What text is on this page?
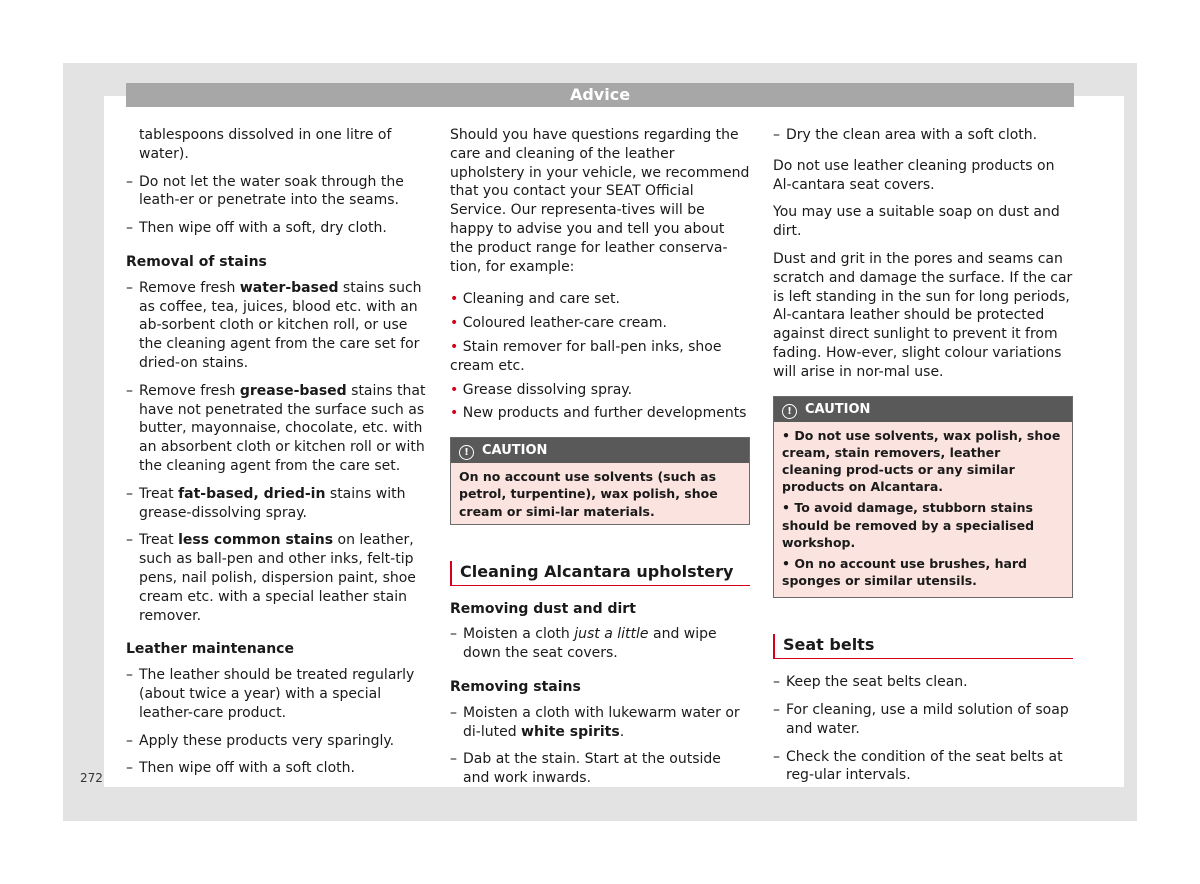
Advice
272

tablespoons dissolved in one litre of water).

– Do not let the water soak through the leath-er or penetrate into the seams.
– Then wipe off with a soft, dry cloth.
Removal of stains
– Remove fresh water-based stains such as coffee, tea, juices, blood etc. with an ab-sorbent cloth or kitchen roll, or use the cleaning agent from the care set for dried-on stains.
– Remove fresh grease-based stains that have not penetrated the surface such as butter, mayonnaise, chocolate, etc. with an absorbent cloth or kitchen roll or with the cleaning agent from the care set.
– Treat fat-based, dried-in stains with grease-dissolving spray.
– Treat less common stains on leather, such as ball-pen and other inks, felt-tip pens, nail polish, dispersion paint, shoe cream etc. with a special leather stain remover.
Leather maintenance
– The leather should be treated regularly (about twice a year) with a special leather-care product.
– Apply these products very sparingly.
– Then wipe off with a soft cloth.

Should you have questions regarding the care and cleaning of the leather upholstery in your vehicle, we recommend that you contact your SEAT Official Service. Our representa-tives will be happy to advise you and tell you about the product range for leather conserva-tion, for example:

• Cleaning and care set.
• Coloured leather-care cream.
• Stain remover for ball-pen inks, shoe cream etc.
• Grease dissolving spray.
• New products and further developments
! CAUTION
On no account use solvents (such as petrol, turpentine), wax polish, shoe cream or simi-lar materials.
Cleaning Alcantara upholstery
Removing dust and dirt
– Moisten a cloth just a little and wipe down the seat covers.
Removing stains
– Moisten a cloth with lukewarm water or di-luted white spirits.
– Dab at the stain. Start at the outside and work inwards.
– Dry the clean area with a soft cloth.

Do not use leather cleaning products on Al-cantara seat covers.

You may use a suitable soap on dust and dirt.

Dust and grit in the pores and seams can scratch and damage the surface. If the car is left standing in the sun for long periods, Al-cantara leather should be protected against direct sunlight to prevent it from fading. How-ever, slight colour variations will arise in nor-mal use.

! CAUTION
• Do not use solvents, wax polish, shoe cream, stain removers, leather cleaning prod-ucts or any similar products on Alcantara.
• To avoid damage, stubborn stains should be removed by a specialised workshop.
• On no account use brushes, hard sponges or similar utensils.
Seat belts
– Keep the seat belts clean.
– For cleaning, use a mild solution of soap and water.
– Check the condition of the seat belts at reg-ular intervals.
